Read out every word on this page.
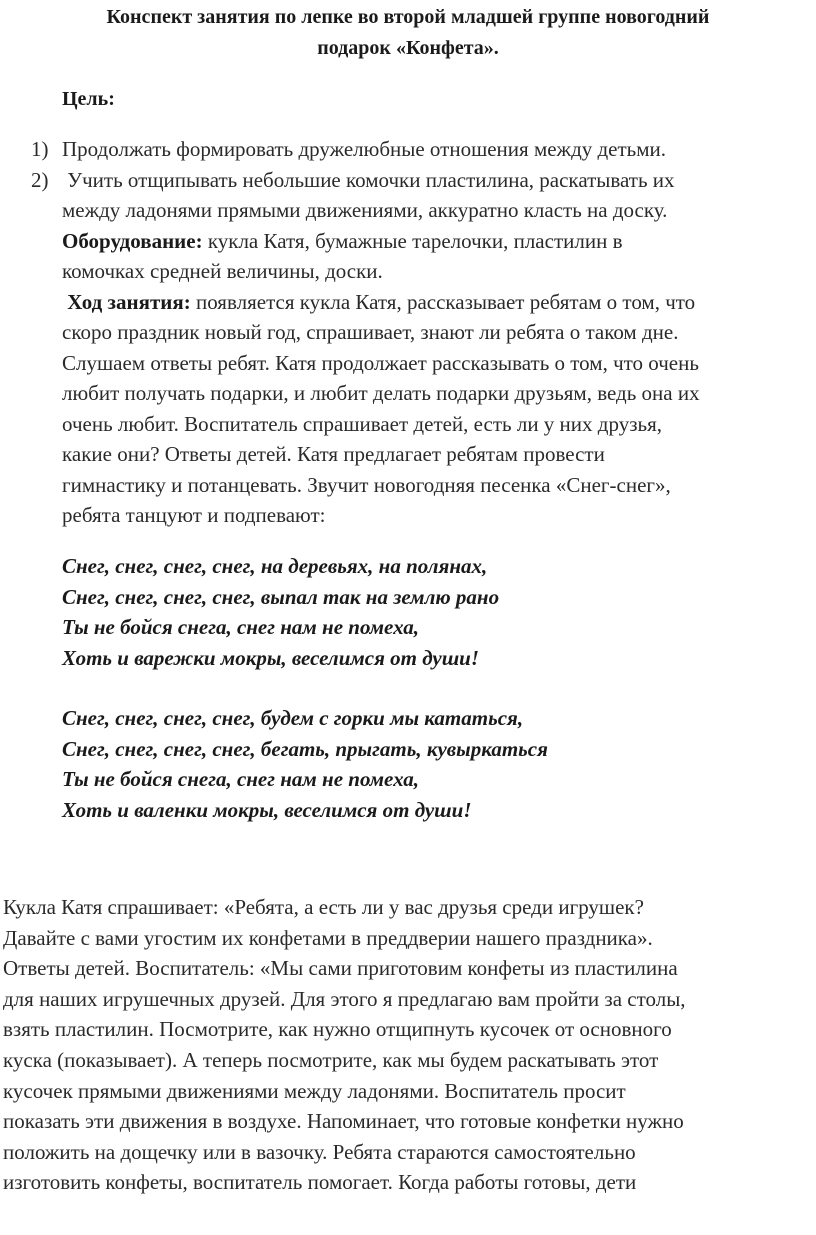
Конспект занятия по лепке во второй младшей группе новогодний
подарок «Конфета».
Цель:
1) Продолжать формировать дружелюбные отношения между детьми.
2) Учить отщипывать небольшие комочки пластилина, раскатывать их
между ладонями прямыми движениями, аккуратно класть на доску.
Оборудование: кукла Катя, бумажные тарелочки, пластилин в
комочках средней величины, доски.
Ход занятия: появляется кукла Катя, рассказывает ребятам о том, что
скоро праздник новый год, спрашивает, знают ли ребята о таком дне.
Слушаем ответы ребят. Катя продолжает рассказывать о том, что очень
любит получать подарки, и любит делать подарки друзьям, ведь она их
очень любит. Воспитатель спрашивает детей, есть ли у них друзья,
какие они? Ответы детей. Катя предлагает ребятам провести
гимнастику и потанцевать. Звучит новогодняя песенка «Снег-снег»,
ребята танцуют и подпевают:
Снег, снег, снег, снег, на деревьях, на полянах,
Снег, снег, снег, снег, выпал так на землю рано
Ты не бойся снега, снег нам не помеха,
Хоть и варежки мокры, веселимся от души!
Снег, снег, снег, снег, будем с горки мы кататься,
Снег, снег, снег, снег, бегать, прыгать, кувыркаться
Ты не бойся снега, снег нам не помеха,
Хоть и валенки мокры, веселимся от души!
Кукла Катя спрашивает: «Ребята, а есть ли у вас друзья среди игрушек?
Давайте с вами угостим их конфетами в преддверии нашего праздника».
Ответы детей. Воспитатель: «Мы сами приготовим конфеты из пластилина
для наших игрушечных друзей. Для этого я предлагаю вам пройти за столы,
взять пластилин. Посмотрите, как нужно отщипнуть кусочек от основного
куска (показывает). А теперь посмотрите, как мы будем раскатывать этот
кусочек прямыми движениями между ладонями. Воспитатель просит
показать эти движения в воздухе. Напоминает, что готовые конфетки нужно
положить на дощечку или в вазочку. Ребята стараются самостоятельно
изготовить конфеты, воспитатель помогает. Когда работы готовы, дети
